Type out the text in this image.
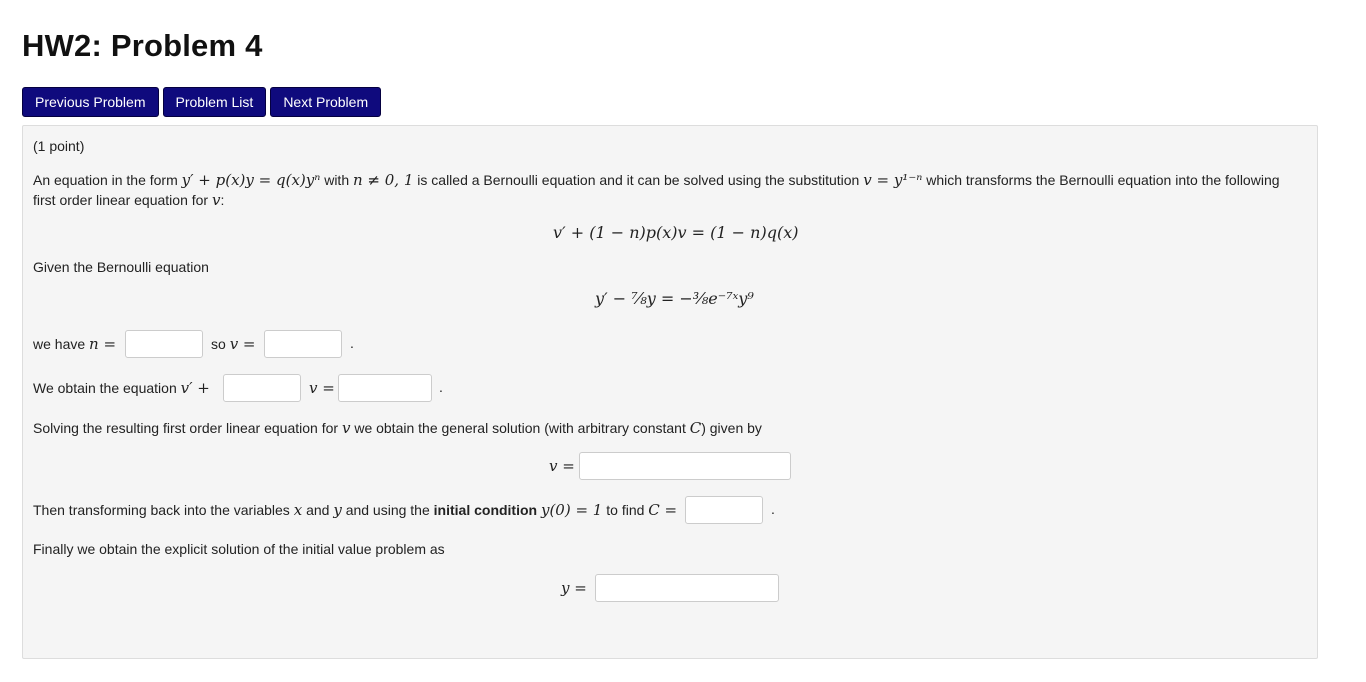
HW2: Problem 4
Previous Problem	Problem List	Next Problem
(1 point)
An equation in the form y′ + p(x)y = q(x)yⁿ with n ≠ 0, 1 is called a Bernoulli equation and it can be solved using the substitution v = y¹⁻ⁿ which transforms the Bernoulli equation into the following
first order linear equation for v:
v′ + (1 − n)p(x)v = (1 − n)q(x)
Given the Bernoulli equation
y′ − ⁷⁄₈y = −³⁄₈e⁻⁷ˣy⁹
we have n =	so v =	.
We obtain the equation v′ +	v =	.
Solving the resulting first order linear equation for v we obtain the general solution (with arbitrary constant C) given by
v =
Then transforming back into the variables x and y and using the initial condition y(0) = 1 to find C =	.
Finally we obtain the explicit solution of the initial value problem as
y =
